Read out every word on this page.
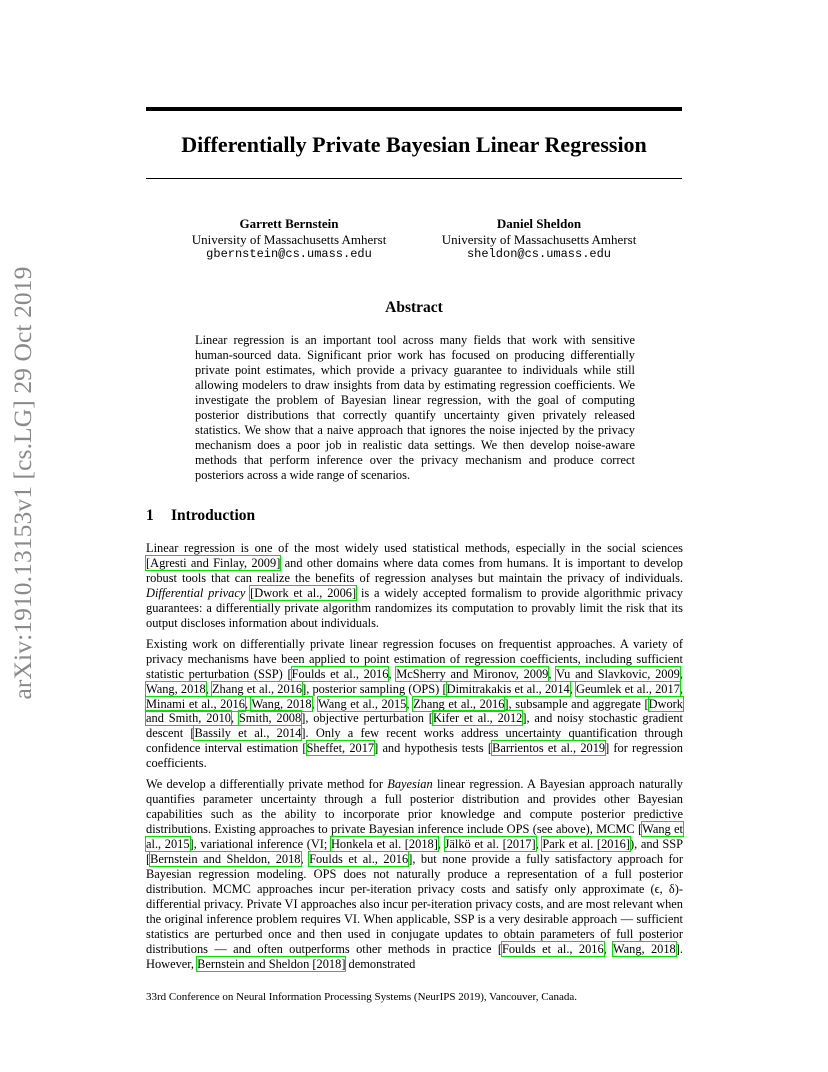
Differentially Private Bayesian Linear Regression
Garrett Bernstein
University of Massachusetts Amherst
gbernstein@cs.umass.edu
Daniel Sheldon
University of Massachusetts Amherst
sheldon@cs.umass.edu
arXiv:1910.13153v1 [cs.LG] 29 Oct 2019	Abstract
Linear regression is an important tool across many fields that work with sensitive human-sourced data. Significant prior work has focused on producing differentially private point estimates, which provide a privacy guarantee to individuals while still allowing modelers to draw insights from data by estimating regression coefficients. We investigate the problem of Bayesian linear regression, with the goal of computing posterior distributions that correctly quantify uncertainty given privately released statistics. We show that a naive approach that ignores the noise injected by the privacy mechanism does a poor job in realistic data settings. We then develop noise-aware methods that perform inference over the privacy mechanism and produce correct posteriors across a wide range of scenarios.
1 Introduction

Linear regression is one of the most widely used statistical methods, especially in the social sciences [Agresti and Finlay, 2009] and other domains where data comes from humans. It is important to develop robust tools that can realize the benefits of regression analyses but maintain the privacy of individuals. Differential privacy [Dwork et al., 2006] is a widely accepted formalism to provide algorithmic privacy guarantees: a differentially private algorithm randomizes its computation to provably limit the risk that its output discloses information about individuals.

Existing work on differentially private linear regression focuses on frequentist approaches. A variety of privacy mechanisms have been applied to point estimation of regression coefficients, including sufficient statistic perturbation (SSP) [Foulds et al., 2016, McSherry and Mironov, 2009, Vu and Slavkovic, 2009, Wang, 2018, Zhang et al., 2016], posterior sampling (OPS) [Dimitrakakis et al., 2014, Geumlek et al., 2017, Minami et al., 2016, Wang, 2018, Wang et al., 2015, Zhang et al., 2016], subsample and aggregate [Dwork and Smith, 2010, Smith, 2008], objective perturbation [Kifer et al., 2012], and noisy stochastic gradient descent [Bassily et al., 2014]. Only a few recent works address uncertainty quantification through confidence interval estimation [Sheffet, 2017] and hypothesis tests [Barrientos et al., 2019] for regression coefficients.

We develop a differentially private method for Bayesian linear regression. A Bayesian approach naturally quantifies parameter uncertainty through a full posterior distribution and provides other Bayesian capabilities such as the ability to incorporate prior knowledge and compute posterior predictive distributions. Existing approaches to private Bayesian inference include OPS (see above), MCMC [Wang et al., 2015], variational inference (VI; Honkela et al. [2018], Jälkö et al. [2017], Park et al. [2016]), and SSP [Bernstein and Sheldon, 2018, Foulds et al., 2016], but none provide a fully satisfactory approach for Bayesian regression modeling. OPS does not naturally produce a representation of a full posterior distribution. MCMC approaches incur per-iteration privacy costs and satisfy only approximate (ϵ, δ)-differential privacy. Private VI approaches also incur per-iteration privacy costs, and are most relevant when the original inference problem requires VI. When applicable, SSP is a very desirable approach — sufficient statistics are perturbed once and then used in conjugate updates to obtain parameters of full posterior distributions — and often outperforms other methods in practice [Foulds et al., 2016, Wang, 2018]. However, Bernstein and Sheldon [2018] demonstrated

33rd Conference on Neural Information Processing Systems (NeurIPS 2019), Vancouver, Canada.
